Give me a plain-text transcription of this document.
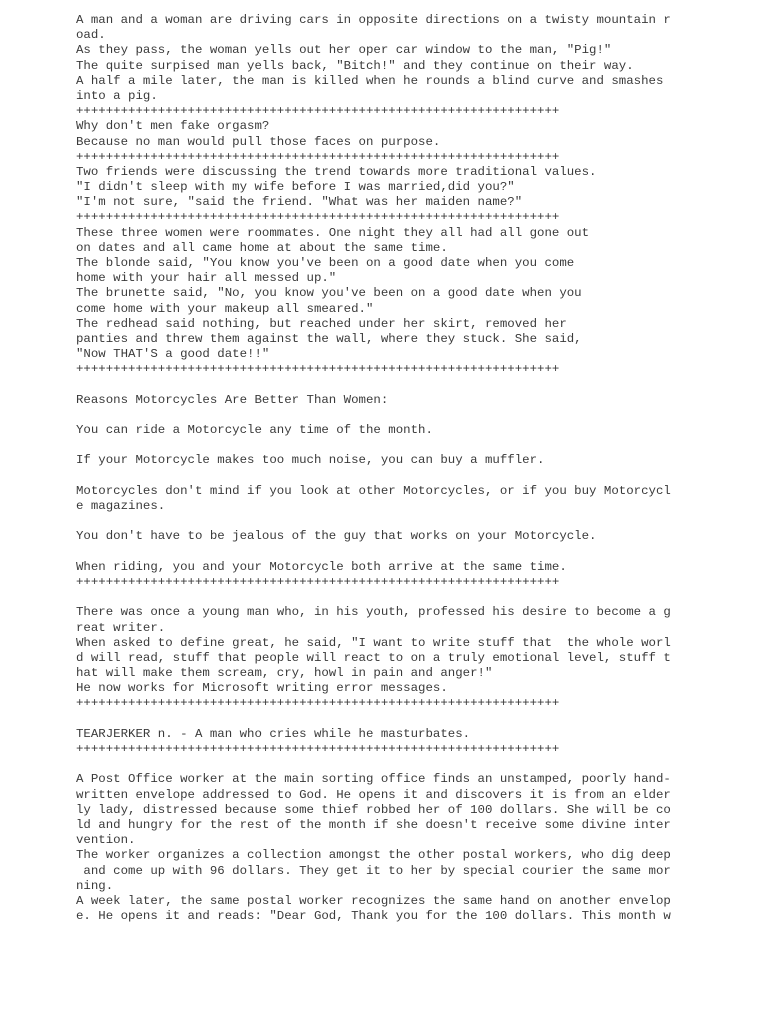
A man and a woman are driving cars in opposite directions on a twisty mountain r
oad.
As they pass, the woman yells out her oper car window to the man, "Pig!"
The quite surpised man yells back, "Bitch!" and they continue on their way.
A half a mile later, the man is killed when he rounds a blind curve and smashes
into a pig.
+++++++++++++++++++++++++++++++++++++++++++++++++++++++++++++++++
Why don't men fake orgasm?
Because no man would pull those faces on purpose.
+++++++++++++++++++++++++++++++++++++++++++++++++++++++++++++++++
Two friends were discussing the trend towards more traditional values.
"I didn't sleep with my wife before I was married,did you?"
"I'm not sure, "said the friend. "What was her maiden name?"
+++++++++++++++++++++++++++++++++++++++++++++++++++++++++++++++++
These three women were roommates. One night they all had all gone out
on dates and all came home at about the same time.
The blonde said, "You know you've been on a good date when you come
home with your hair all messed up."
The brunette said, "No, you know you've been on a good date when you
come home with your makeup all smeared."
The redhead said nothing, but reached under her skirt, removed her
panties and threw them against the wall, where they stuck. She said,
"Now THAT'S a good date!!"
+++++++++++++++++++++++++++++++++++++++++++++++++++++++++++++++++
Reasons Motorcycles Are Better Than Women:
You can ride a Motorcycle any time of the month.
If your Motorcycle makes too much noise, you can buy a muffler.
Motorcycles don't mind if you look at other Motorcycles, or if you buy Motorcycl
e magazines.
You don't have to be jealous of the guy that works on your Motorcycle.
When riding, you and your Motorcycle both arrive at the same time.
+++++++++++++++++++++++++++++++++++++++++++++++++++++++++++++++++
There was once a young man who, in his youth, professed his desire to become a g
reat writer.
When asked to define great, he said, "I want to write stuff that  the whole worl
d will read, stuff that people will react to on a truly emotional level, stuff t
hat will make them scream, cry, howl in pain and anger!"
He now works for Microsoft writing error messages.
+++++++++++++++++++++++++++++++++++++++++++++++++++++++++++++++++
TEARJERKER n. - A man who cries while he masturbates.
+++++++++++++++++++++++++++++++++++++++++++++++++++++++++++++++++
A Post Office worker at the main sorting office finds an unstamped, poorly hand-
written envelope addressed to God. He opens it and discovers it is from an elder
ly lady, distressed because some thief robbed her of 100 dollars. She will be co
ld and hungry for the rest of the month if she doesn't receive some divine inter
vention.
The worker organizes a collection amongst the other postal workers, who dig deep
and come up with 96 dollars. They get it to her by special courier the same mor
ning.
A week later, the same postal worker recognizes the same hand on another envelop
e. He opens it and reads: "Dear God, Thank you for the 100 dollars. This month w
